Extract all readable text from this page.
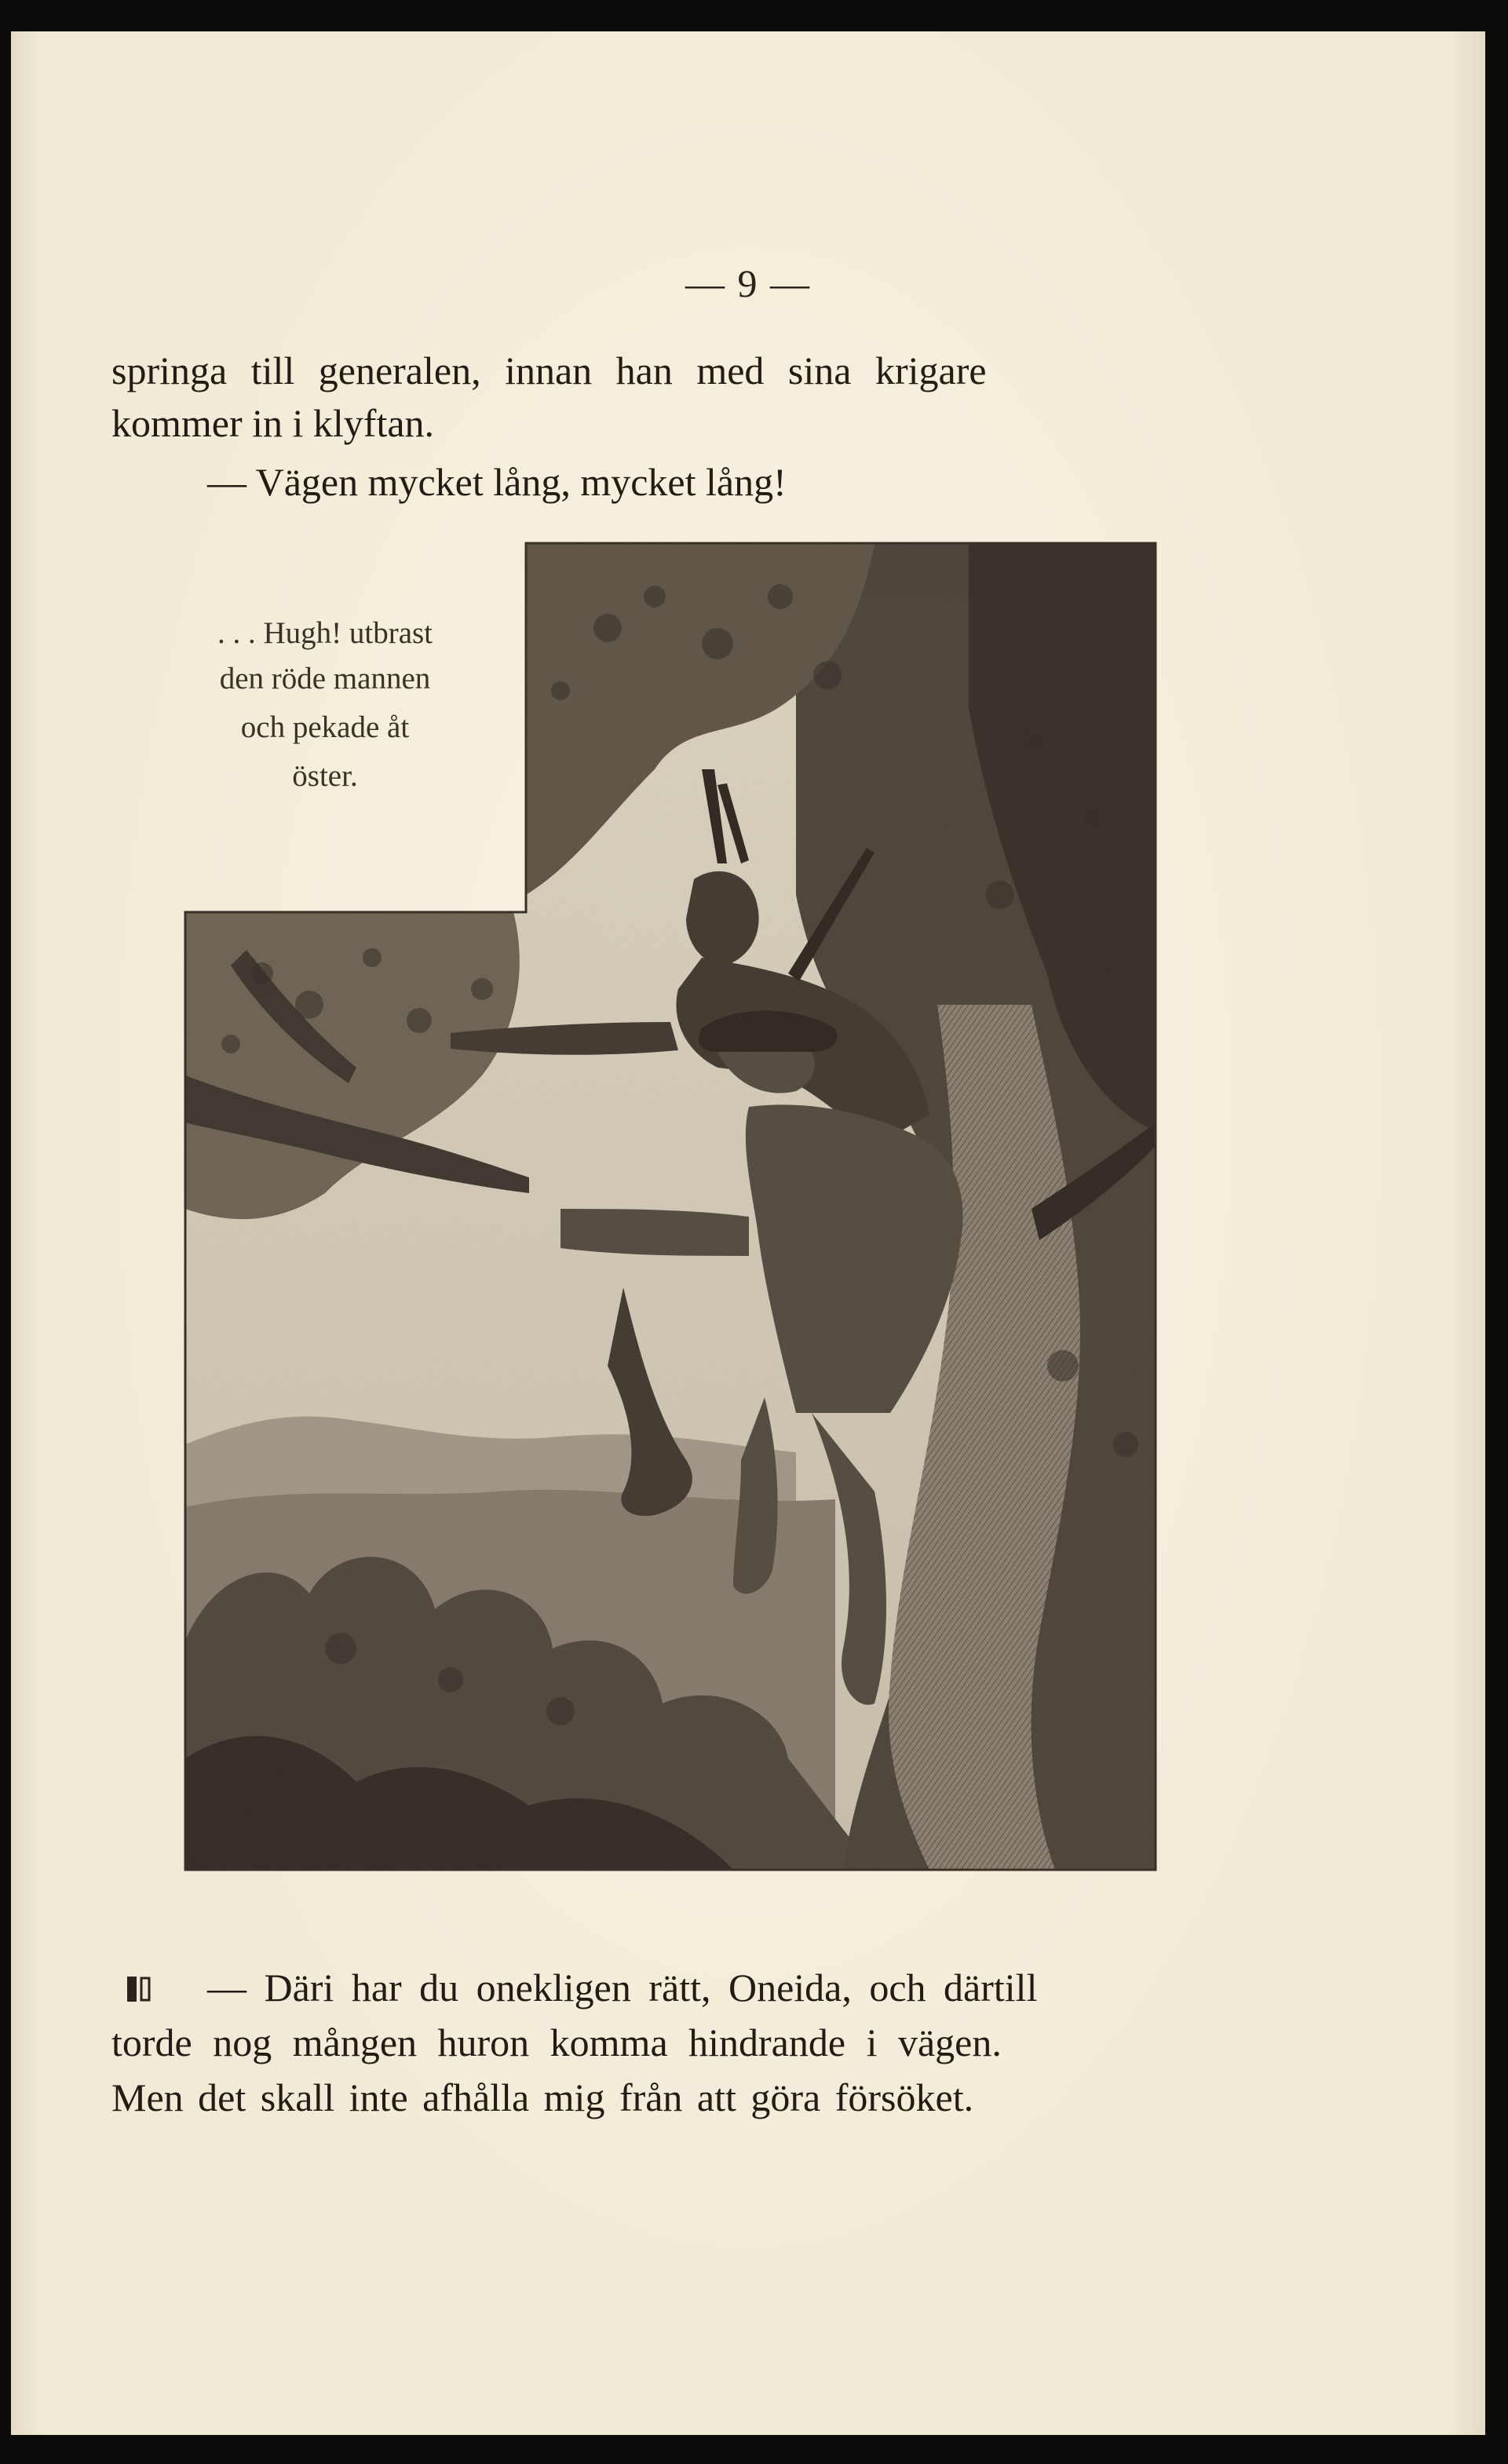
— 9 —
springa till generalen, innan han med sina krigare
kommer in i klyftan.
— Vägen mycket lång, mycket lång!
. . . Hugh! utbrast
den röde mannen
och pekade åt
öster.
— Däri har du onekligen rätt, Oneida, och därtill
torde nog mången huron komma hindrande i vägen.
Men det skall inte afhålla mig från att göra försöket.
